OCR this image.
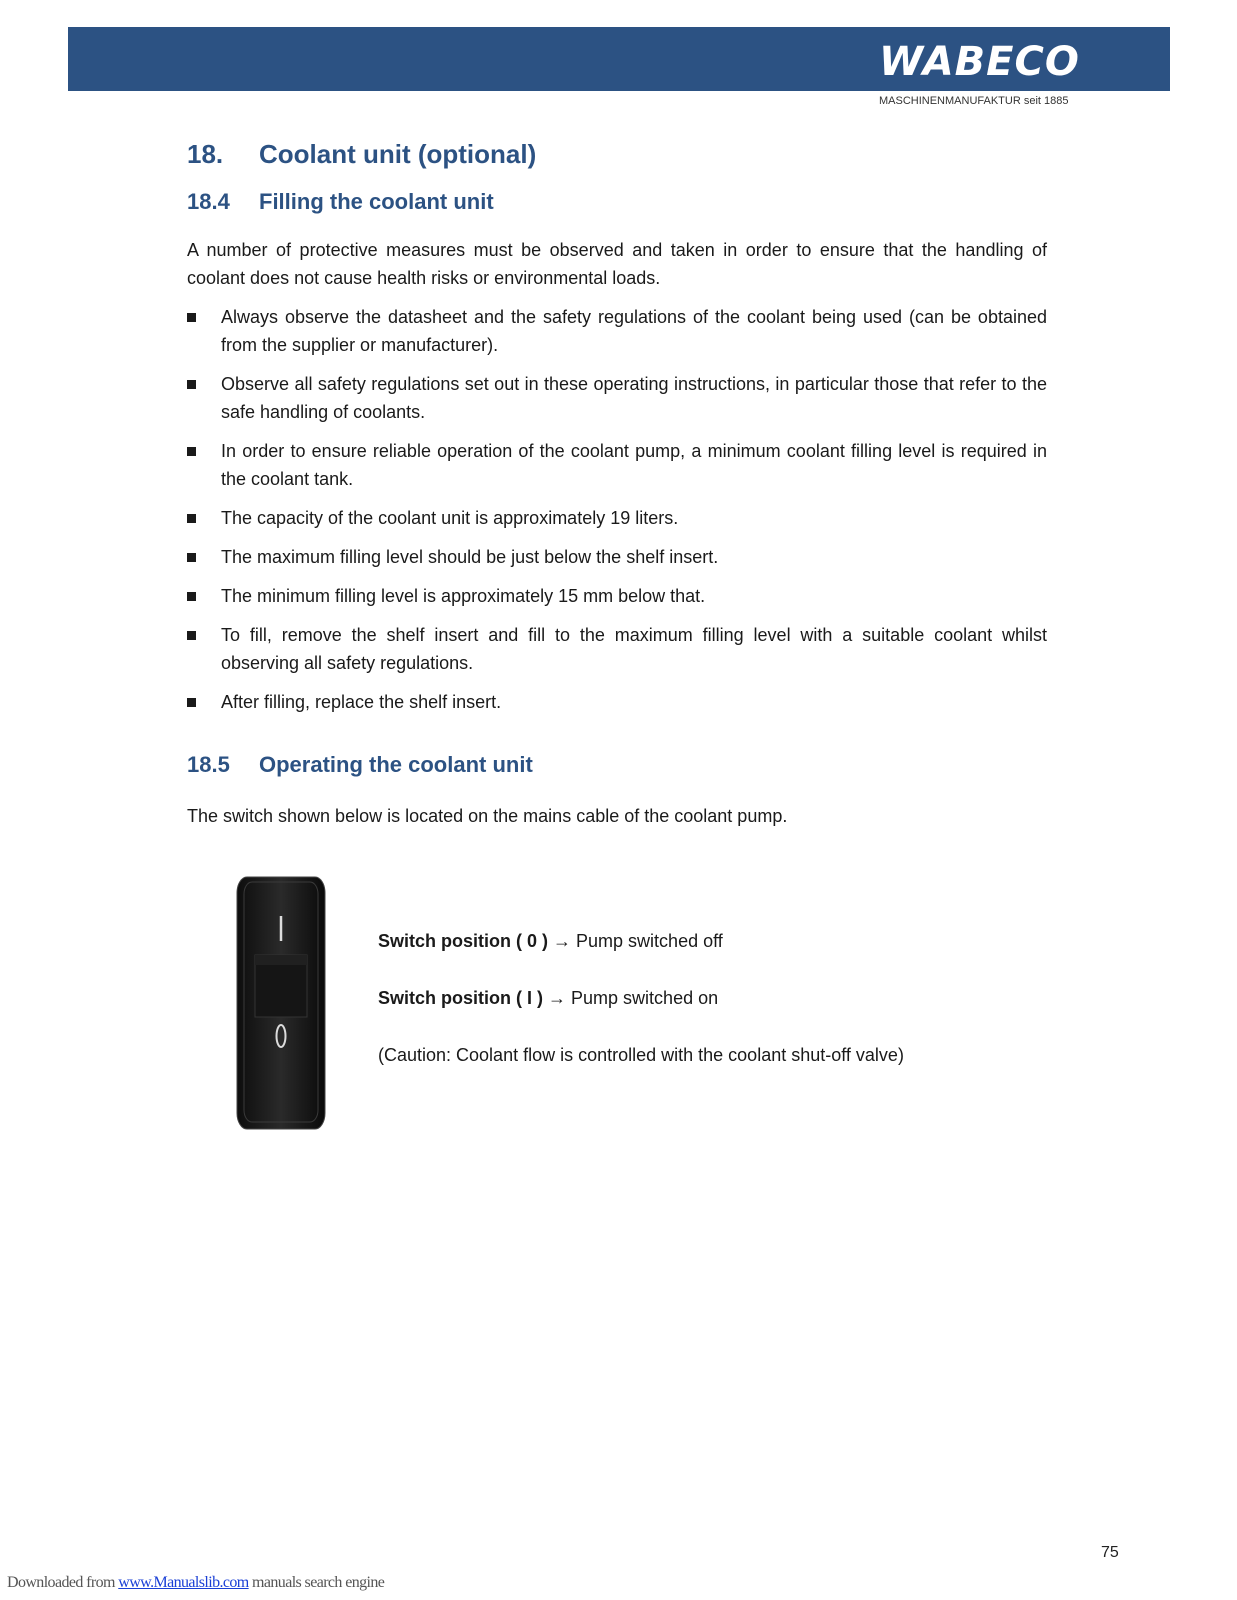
WABECO
MASCHINENMANUFAKTUR seit 1885
18. Coolant unit (optional)
18.4 Filling the coolant unit

A number of protective measures must be observed and taken in order to ensure that the handling of coolant does not cause health risks or environmental loads.

Always observe the datasheet and the safety regulations of the coolant being used (can be obtained from the supplier or manufacturer).
Observe all safety regulations set out in these operating instructions, in particular those that refer to the safe handling of coolants.
In order to ensure reliable operation of the coolant pump, a minimum coolant filling level is required in the coolant tank.
The capacity of the coolant unit is approximately 19 liters.
The maximum filling level should be just below the shelf insert.
The minimum filling level is approximately 15 mm below that.
To fill, remove the shelf insert and fill to the maximum filling level with a suitable coolant whilst observing all safety regulations.
After filling, replace the shelf insert.
18.5 Operating the coolant unit

The switch shown below is located on the mains cable of the coolant pump.

Switch position ( 0 ) → Pump switched off

Switch position ( I ) → Pump switched on

(Caution: Coolant flow is controlled with the coolant shut-off valve)

75
Downloaded from www.Manualslib.com manuals search engine
